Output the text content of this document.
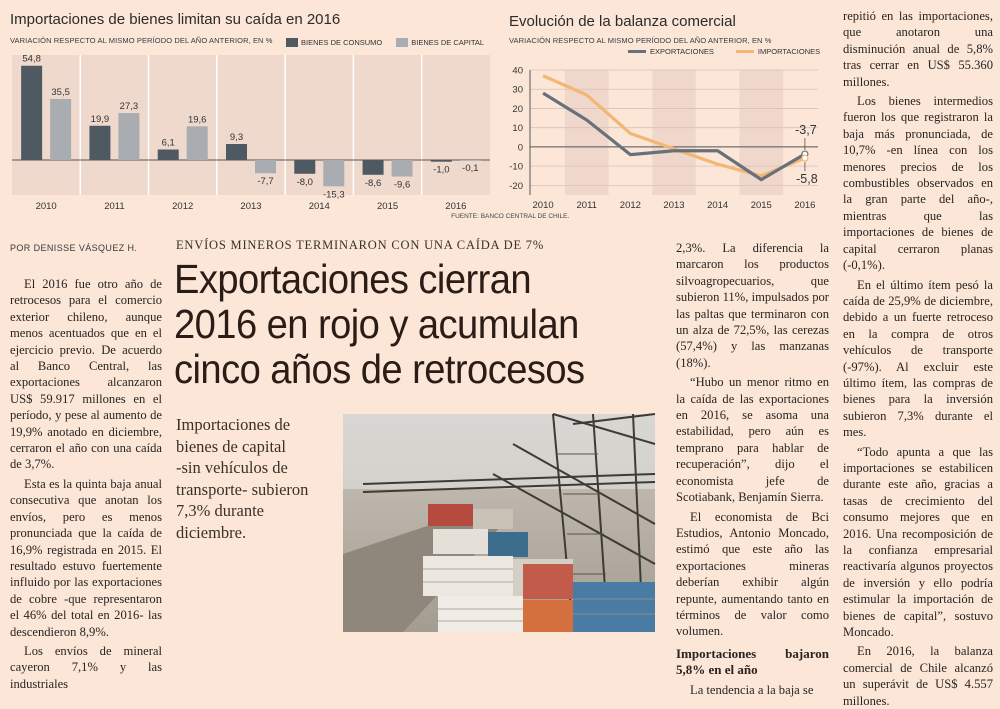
Importaciones de bienes limitan su caída en 2016
VARIACIÓN RESPECTO AL MISMO PERÍODO DEL AÑO ANTERIOR, EN %	BIENES DE CONSUMO	BIENES DE CAPITAL
54,8
35,5
2010
19,9
27,3
2011
6,1
19,6
2012
9,3
-7,7
2013
-8,0
-15,3
2014
-8,6 -9,6
2015
-1,0 -0,1
2016
Evolución de la balanza comercial
VARIACIÓN RESPECTO AL MISMO PERÍODO DEL AÑO ANTERIOR, EN %
EXPORTACIONES	IMPORTACIONES
40
30
20
10
0
-10
-20
-3,7
-5,8
2010 2011 2012 2013 2014 2015 2016
FUENTE: BANCO CENTRAL DE CHILE.
POR DENISSE VÁSQUEZ H.	ENVÍOS MINEROS TERMINARON CON UNA CAÍDA DE 7%
Exportaciones cierran
2016 en rojo y acumulan
cinco años de retrocesos
Importaciones de
bienes de capital
-sin vehículos de
transporte- subieron
7,3% durante
diciembre.

El 2016 fue otro año de retrocesos para el comercio exterior chileno, aunque menos acentuados que en el ejercicio previo. De acuerdo al Banco Central, las exportaciones alcanzaron US$ 59.917 millones en el período, y pese al aumento de 19,9% anotado en diciembre, cerraron el año con una caída de 3,7%.

Esta es la quinta baja anual consecutiva que anotan los envíos, pero es menos pronunciada que la caída de 16,9% registrada en 2015. El resultado estuvo fuertemente influido por las exportaciones de cobre -que representaron el 46% del total en 2016- las descendieron 8,9%.

Los envíos de mineral cayeron 7,1% y las industriales

2,3%. La diferencia la marcaron los productos silvoagropecuarios, que subieron 11%, impulsados por las paltas que terminaron con un alza de 72,5%, las cerezas (57,4%) y las manzanas (18%).

“Hubo un menor ritmo en la caída de las exportaciones en 2016, se asoma una estabilidad, pero aún es temprano para hablar de recuperación”, dijo el economista jefe de Scotiabank, Benjamín Sierra.

El economista de Bci Estudios, Antonio Moncado, estimó que este año las exportaciones mineras deberían exhibir algún repunte, aumentando tanto en términos de valor como volumen.

Importaciones bajaron 5,8% en el año

La tendencia a la baja se

repitió en las importaciones, que anotaron una disminución anual de 5,8% tras cerrar en US$ 55.360 millones.

Los bienes intermedios fueron los que registraron la baja más pronunciada, de 10,7% -en línea con los menores precios de los combustibles observados en la gran parte del año-, mientras que las importaciones de bienes de capital cerraron planas (-0,1%).

En el último ítem pesó la caída de 25,9% de diciembre, debido a un fuerte retroceso en la compra de otros vehículos de transporte (-97%). Al excluir este último ítem, las compras de bienes para la inversión subieron 7,3% durante el mes.

“Todo apunta a que las importaciones se estabilicen durante este año, gracias a tasas de crecimiento del consumo mejores que en 2016. Una recomposición de la confianza empresarial reactivaría algunos proyectos de inversión y ello podría estimular la importación de bienes de capital”, sostuvo Moncado.

En 2016, la balanza comercial de Chile alcanzó un superávit de US$ 4.557 millones.
